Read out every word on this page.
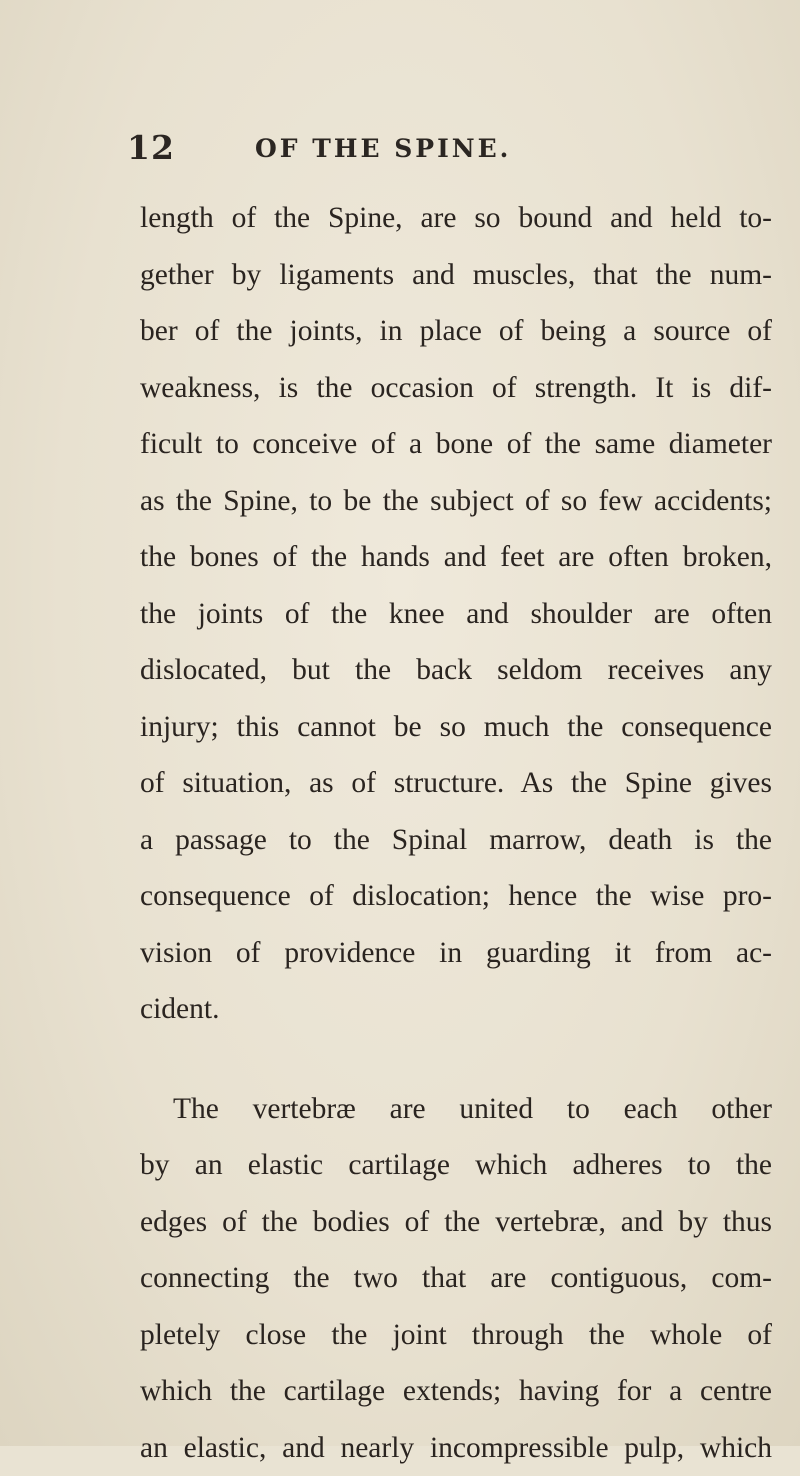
12	OF THE SPINE.
length of the Spine, are so bound and held to-
gether by ligaments and muscles, that the num-
ber of the joints, in place of being a source of
weakness, is the occasion of strength. It is dif-
ficult to conceive of a bone of the same diameter
as the Spine, to be the subject of so few accidents;
the bones of the hands and feet are often broken,
the joints of the knee and shoulder are often
dislocated, but the back seldom receives any
injury; this cannot be so much the consequence
of situation, as of structure. As the Spine gives
a passage to the Spinal marrow, death is the
consequence of dislocation; hence the wise pro-
vision of providence in guarding it from ac-
cident.
The vertebræ are united to each other
by an elastic cartilage which adheres to the
edges of the bodies of the vertebræ, and by thus
connecting the two that are contiguous, com-
pletely close the joint through the whole of
which the cartilage extends; having for a centre
an elastic, and nearly incompressible pulp, which
